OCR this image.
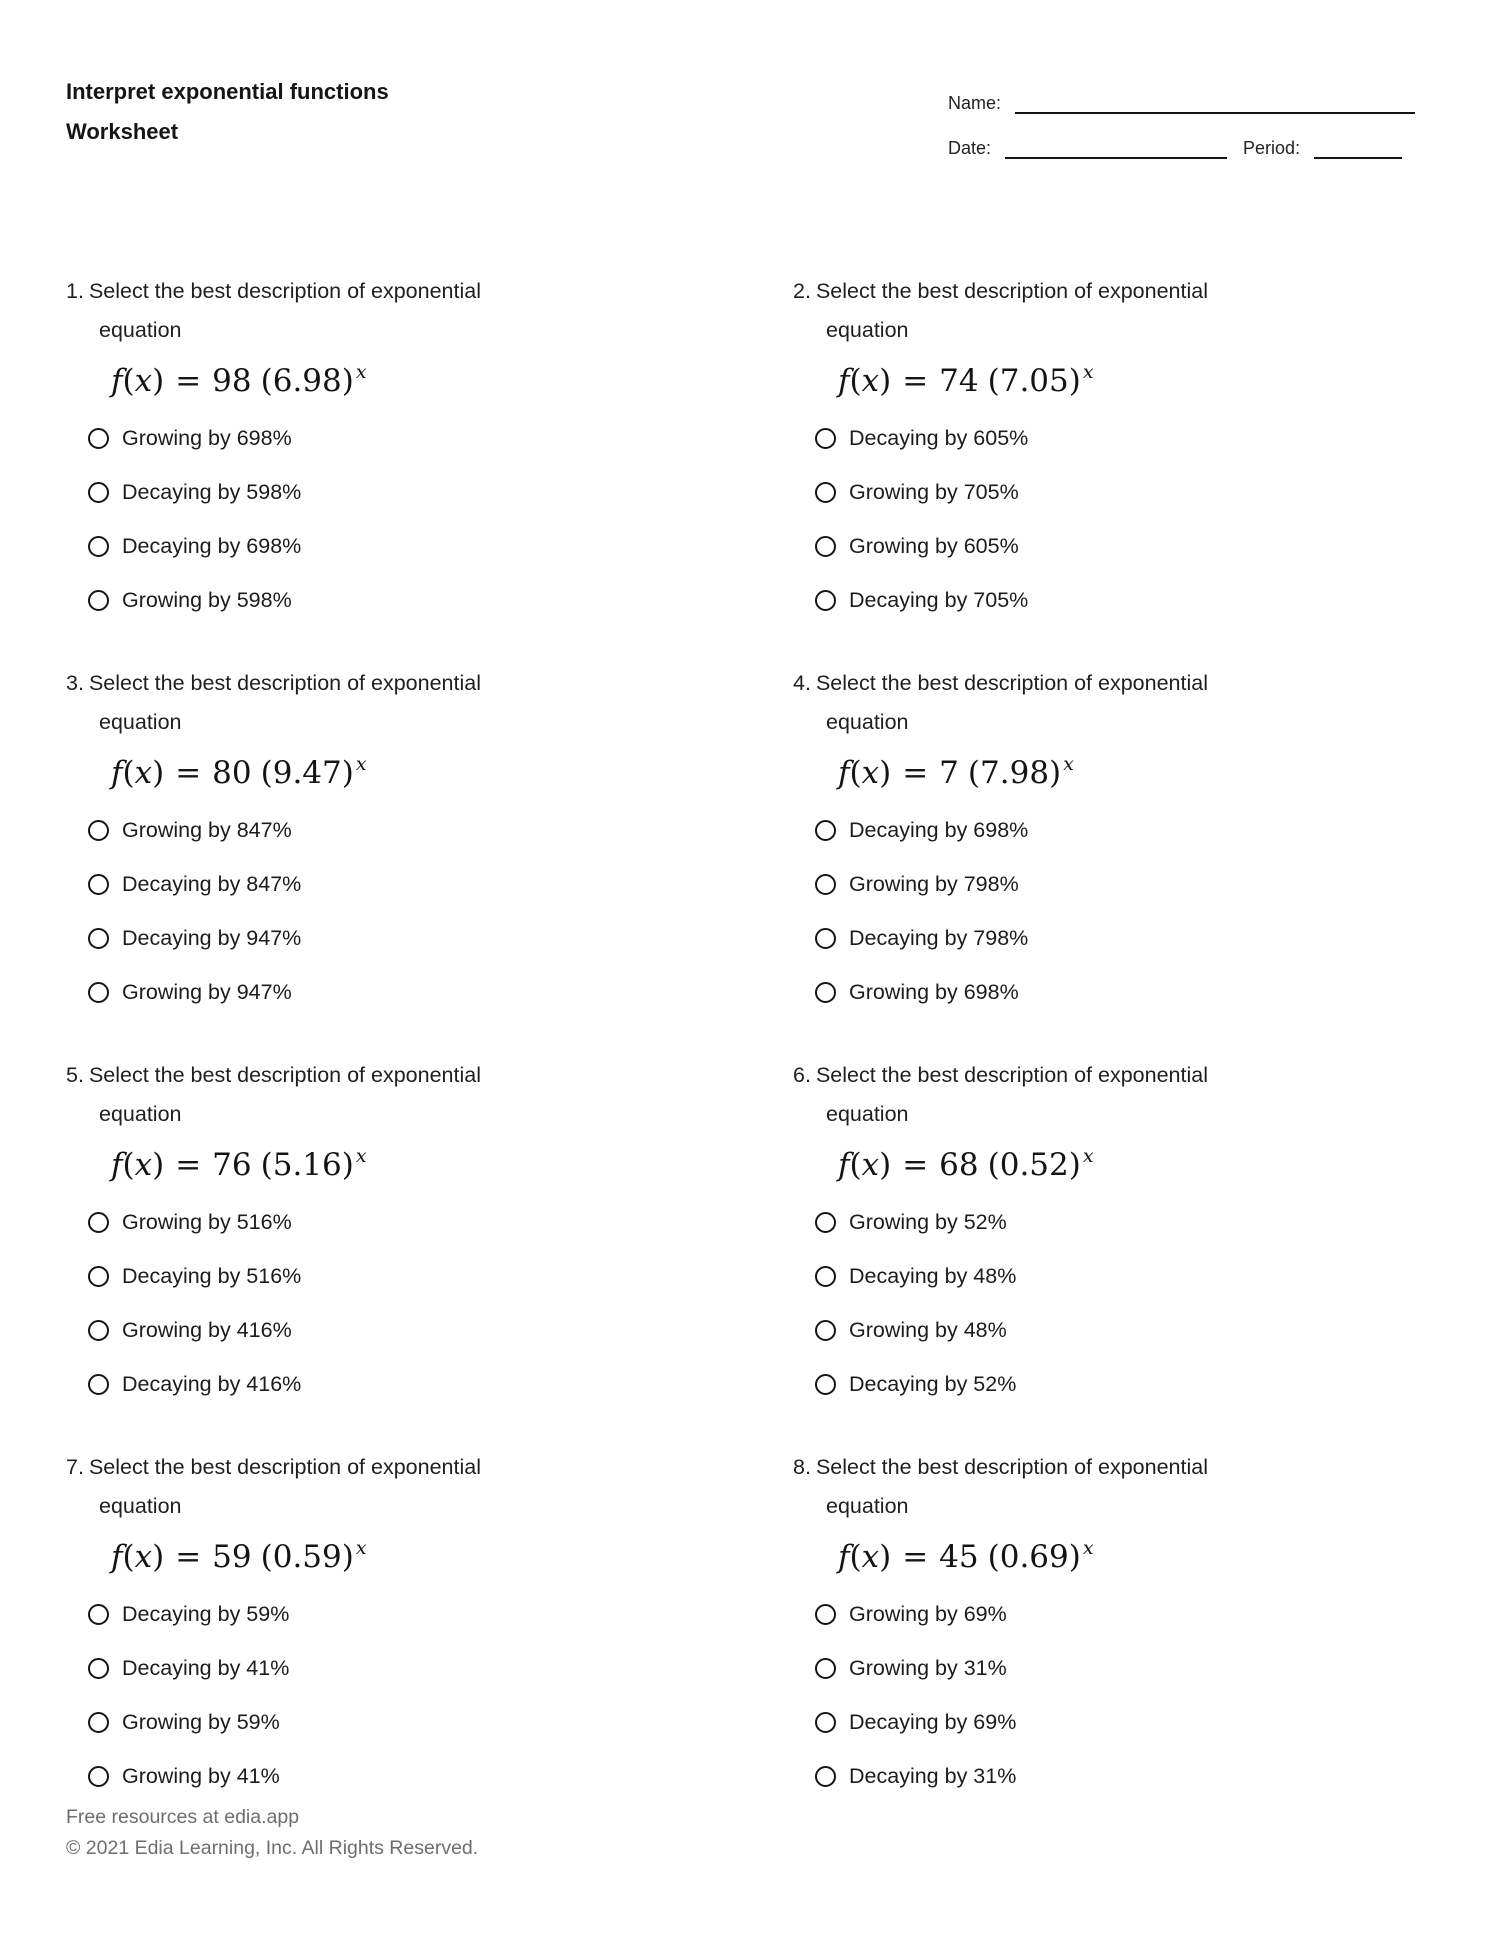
Interpret exponential functions
Worksheet
Name:
Date:	Period:
1. Select the best description of exponential
equation
f(x) = 98 (6.98) $^x$
Growing by 698%
Decaying by 598%
Decaying by 698%
Growing by 598%
2. Select the best description of exponential
equation
f(x) = 74 (7.05) $^x$
Decaying by 605%
Growing by 705%
Growing by 605%
Decaying by 705%
3. Select the best description of exponential
equation
f(x) = 80 (9.47) $^x$
Growing by 847%
Decaying by 847%
Decaying by 947%
Growing by 947%
4. Select the best description of exponential
equation
f(x) = 7 (7.98) $^x$
Decaying by 698%
Growing by 798%
Decaying by 798%
Growing by 698%
5. Select the best description of exponential
equation
f(x) = 76 (5.16) $^x$
Growing by 516%
Decaying by 516%
Growing by 416%
Decaying by 416%
6. Select the best description of exponential
equation
f(x) = 68 (0.52) $^x$
Growing by 52%
Decaying by 48%
Growing by 48%
Decaying by 52%
7. Select the best description of exponential
equation
f(x) = 59 (0.59) $^x$
Decaying by 59%
Decaying by 41%
Growing by 59%
Growing by 41%
8. Select the best description of exponential
equation
f(x) = 45 (0.69) $^x$
Growing by 69%
Growing by 31%
Decaying by 69%
Decaying by 31%
Free resources at edia.app
© 2021 Edia Learning, Inc. All Rights Reserved.
